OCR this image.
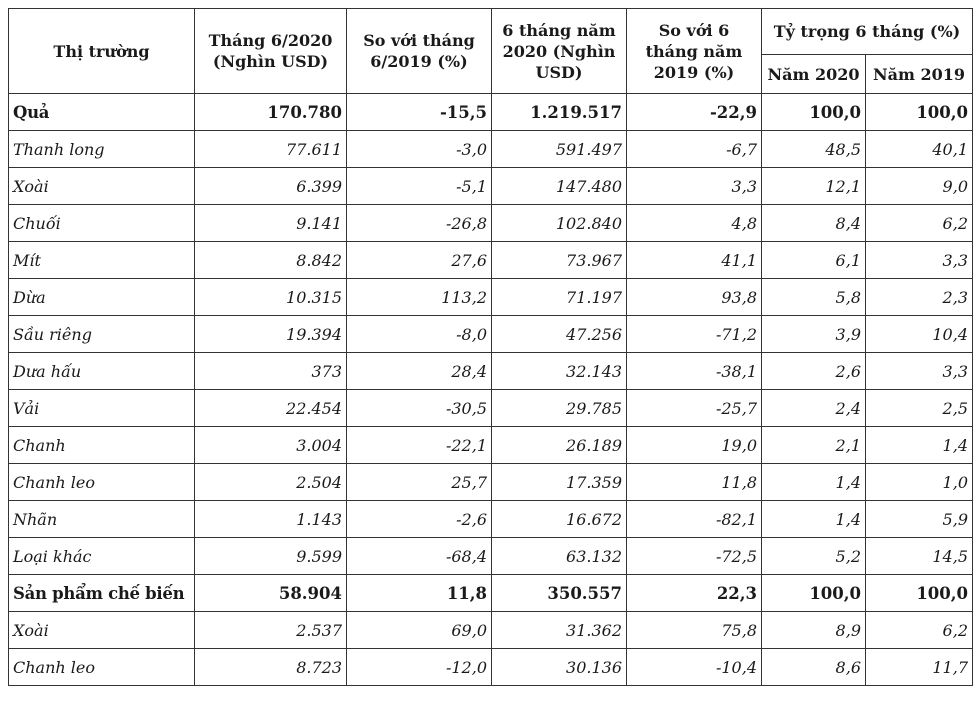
Thị trường	Tháng 6/2020 (Nghìn USD)	So với tháng 6/2019 (%)	6 tháng năm 2020 (Nghìn USD)	So với 6 tháng năm 2019 (%)	Tỷ trọng 6 tháng (%)	
					Năm 2020	Năm 2019
Quả	170.780	-15,5	1.219.517	-22,9	100,0	100,0
Thanh long	77.611	-3,0	591.497	-6,7	48,5	40,1
Xoài	6.399	-5,1	147.480	3,3	12,1	9,0
Chuối	9.141	-26,8	102.840	4,8	8,4	6,2
Mít	8.842	27,6	73.967	41,1	6,1	3,3
Dừa	10.315	113,2	71.197	93,8	5,8	2,3
Sầu riêng	19.394	-8,0	47.256	-71,2	3,9	10,4
Dưa hấu	373	28,4	32.143	-38,1	2,6	3,3
Vải	22.454	-30,5	29.785	-25,7	2,4	2,5
Chanh	3.004	-22,1	26.189	19,0	2,1	1,4
Chanh leo	2.504	25,7	17.359	11,8	1,4	1,0
Nhãn	1.143	-2,6	16.672	-82,1	1,4	5,9
Loại khác	9.599	-68,4	63.132	-72,5	5,2	14,5
Sản phẩm chế biến	58.904	11,8	350.557	22,3	100,0	100,0
Xoài	2.537	69,0	31.362	75,8	8,9	6,2
Chanh leo	8.723	-12,0	30.136	-10,4	8,6	11,7
